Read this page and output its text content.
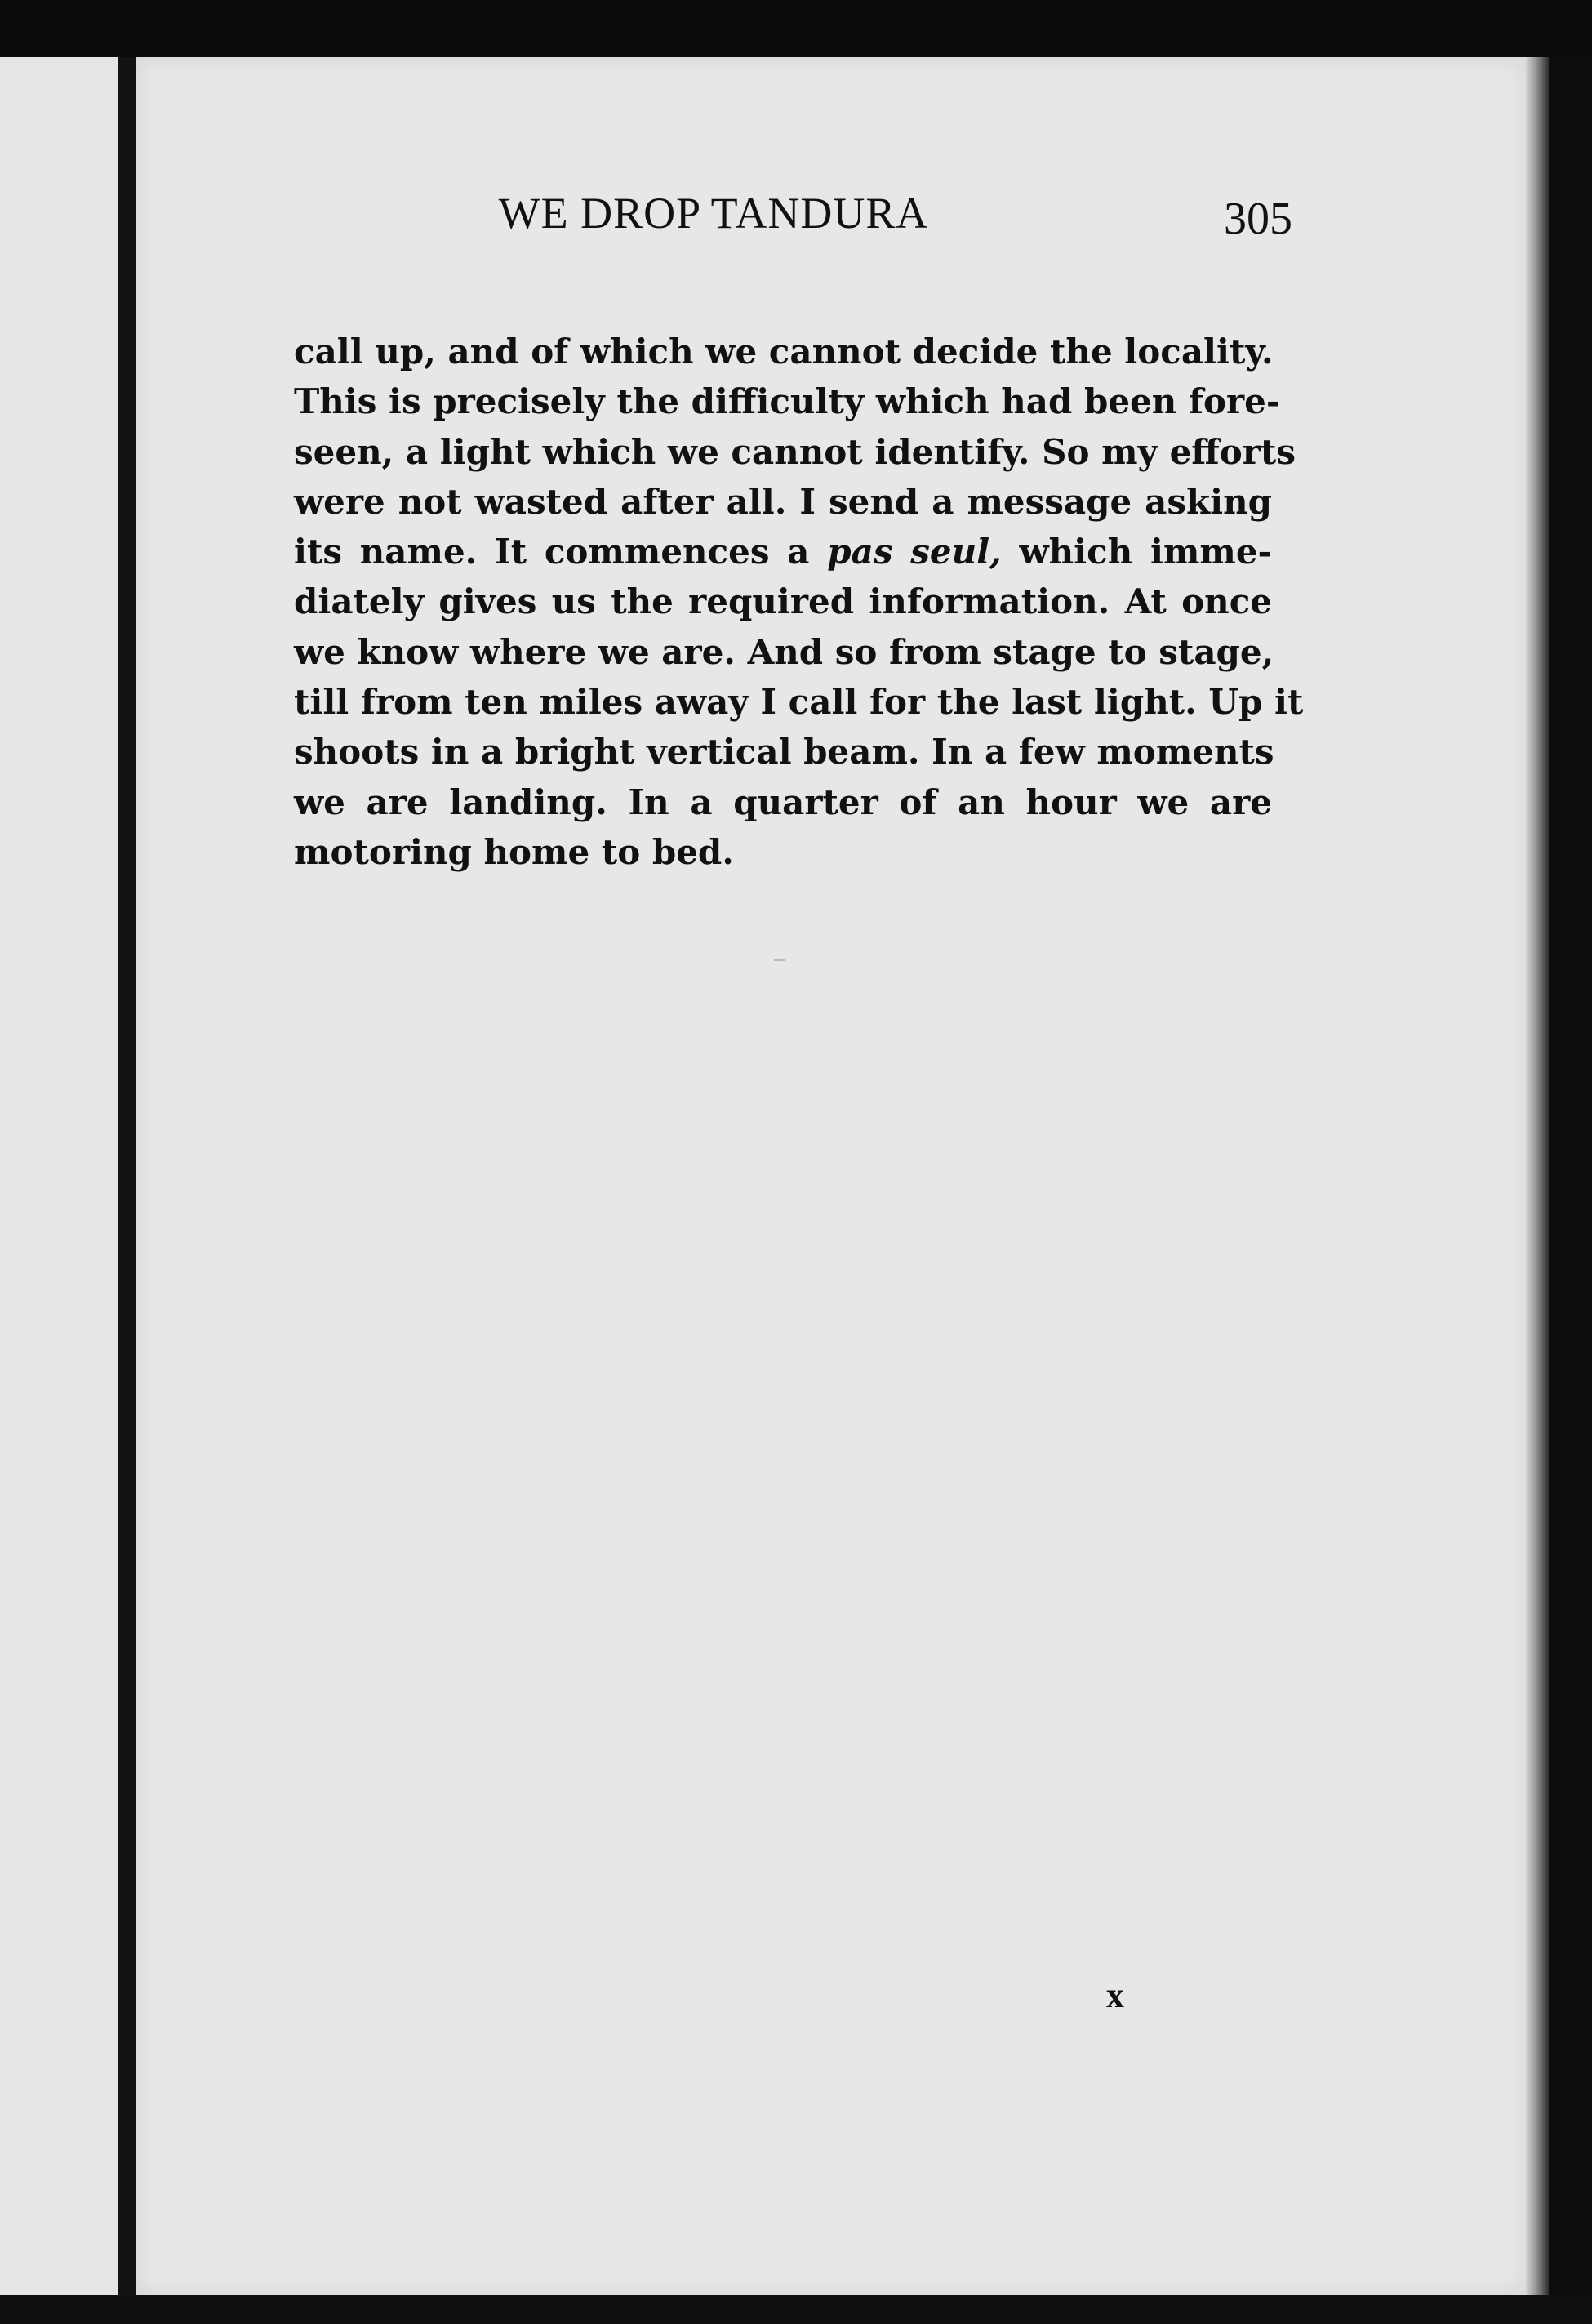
WE DROP TANDURA	305
call up, and of which we cannot decide the locality.
This is precisely the difficulty which had been fore-
seen, a light which we cannot identify. So my efforts
were not wasted after all. I send a message asking
its name. It commences a pas seul, which imme-
diately gives us the required information. At once
we know where we are. And so from stage to stage,
till from ten miles away I call for the last light. Up it
shoots in a bright vertical beam. In a few moments
we are landing. In a quarter of an hour we are
motoring home to bed.
x
